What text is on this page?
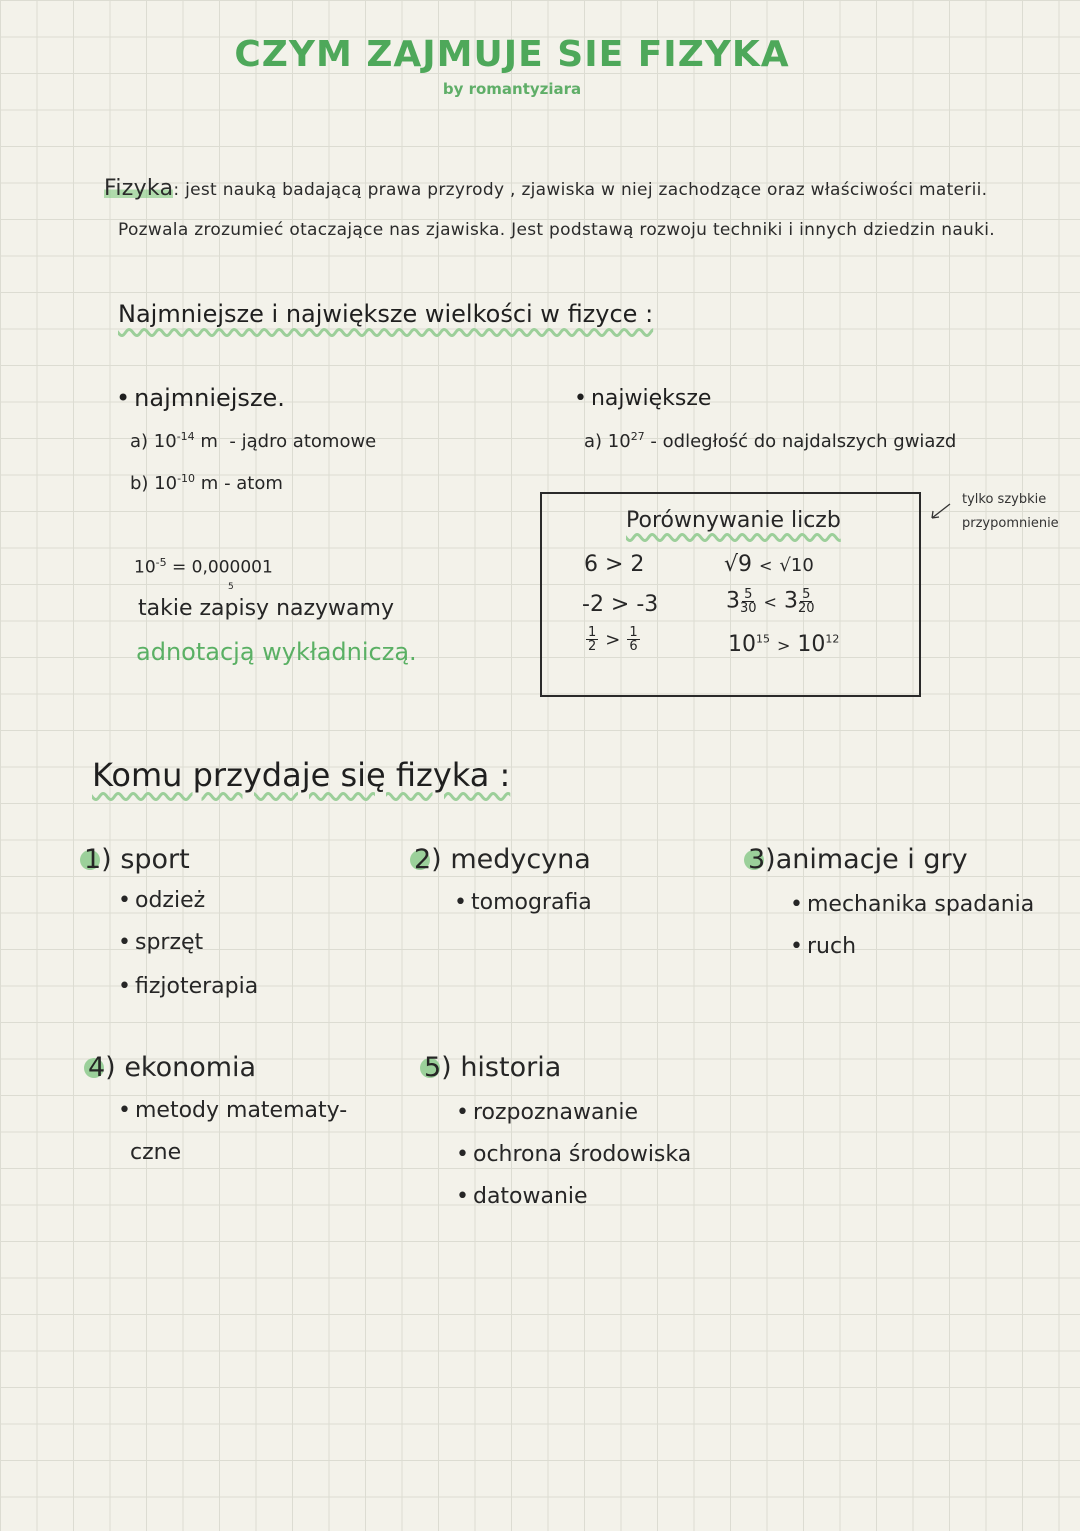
CZYM ZAJMUJE SIE FIZYKA
by romantyziara
Fizyka: jest nauką badającą prawa przyrody , zjawiska w niej zachodzące oraz właściwości materii.
Pozwala zrozumieć otaczające nas zjawiska. Jest podstawą rozwoju techniki i innych dziedzin nauki.
Najmniejsze i największe wielkości w fizyce :
• najmniejsze.
a) $10^{-14}$ m - jądro atomowe
b) $10^{-10}$ m - atom
• największe
a) $10^{27}$ - odległość do najdalszych gwiazd
$10^{-5} = 0,000001$
5
takie zapisy nazywamy
adnotacją wykładniczą.
Porównywanie liczb
6 > 2	√9 < √10
-2 > -3	$3 \frac{5}{30} < 3 \frac{5}{20}$
$\frac{1}{2} > \frac{1}{6}$	$10^{15} > 10^{12}$
tylko szybkie
przypomnienie
Komu przydaje się fizyka :
1) sport
• odzież
• sprzęt
• fizjoterapia
2) medycyna
• tomografia
3)animacje i gry
• mechanika spadania
• ruch
4) ekonomia
• metody matematy-
czne
5) historia
• rozpoznawanie
• ochrona środowiska
• datowanie
